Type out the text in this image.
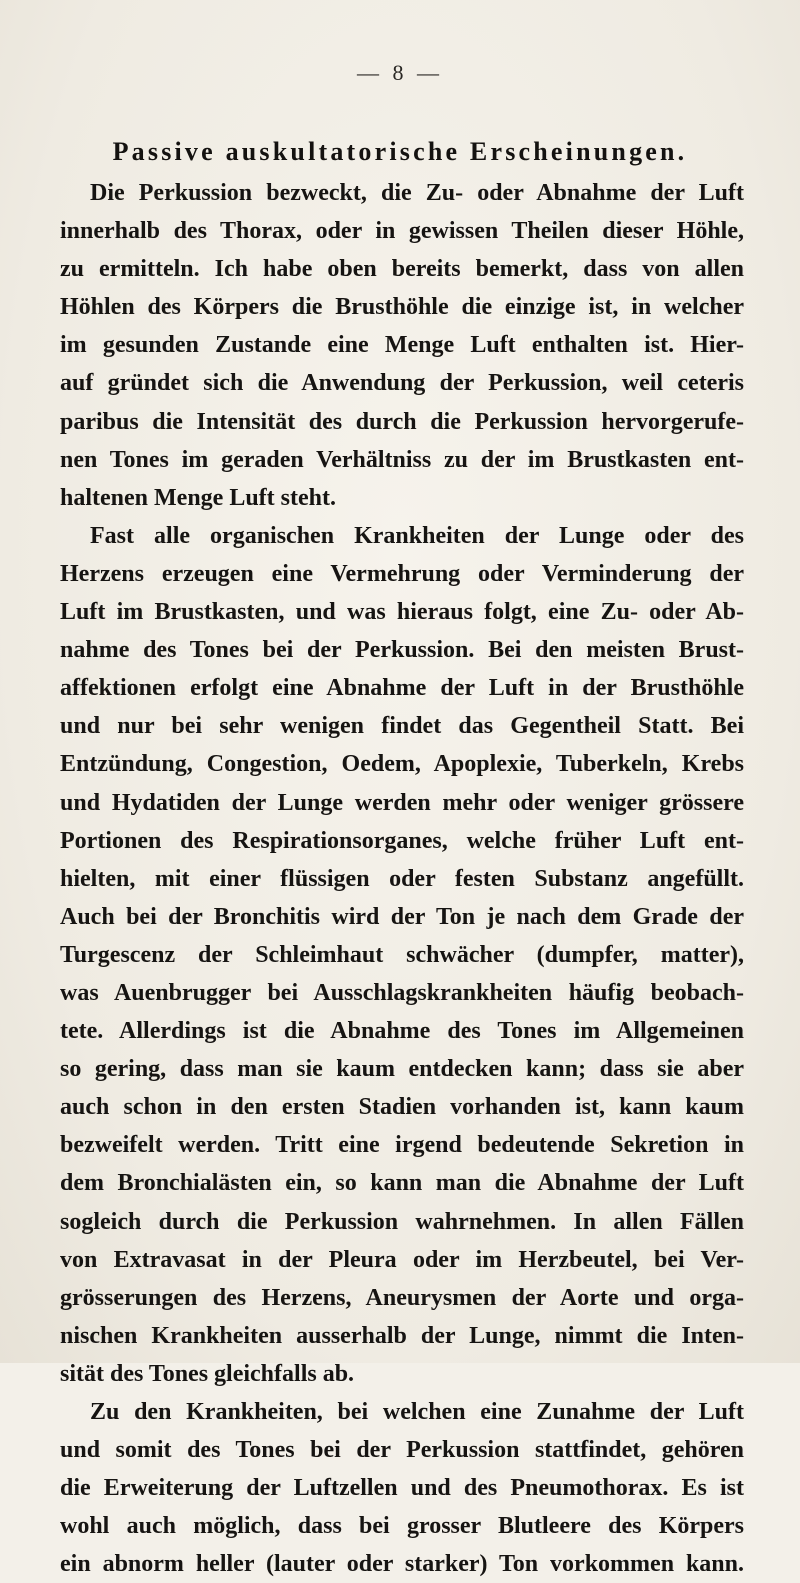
— 8 —
Passive auskultatorische Erscheinungen.
Die Perkussion bezweckt, die Zu- oder Abnahme der Luft
innerhalb des Thorax, oder in gewissen Theilen dieser Höhle,
zu ermitteln. Ich habe oben bereits bemerkt, dass von allen
Höhlen des Körpers die Brusthöhle die einzige ist, in welcher
im gesunden Zustande eine Menge Luft enthalten ist. Hier-
auf gründet sich die Anwendung der Perkussion, weil ceteris
paribus die Intensität des durch die Perkussion hervorgerufe-
nen Tones im geraden Verhältniss zu der im Brustkasten ent-
haltenen Menge Luft steht.
Fast alle organischen Krankheiten der Lunge oder des
Herzens erzeugen eine Vermehrung oder Verminderung der
Luft im Brustkasten, und was hieraus folgt, eine Zu- oder Ab-
nahme des Tones bei der Perkussion. Bei den meisten Brust-
affektionen erfolgt eine Abnahme der Luft in der Brusthöhle
und nur bei sehr wenigen findet das Gegentheil Statt. Bei
Entzündung, Congestion, Oedem, Apoplexie, Tuberkeln, Krebs
und Hydatiden der Lunge werden mehr oder weniger grössere
Portionen des Respirationsorganes, welche früher Luft ent-
hielten, mit einer flüssigen oder festen Substanz angefüllt.
Auch bei der Bronchitis wird der Ton je nach dem Grade der
Turgescenz der Schleimhaut schwächer (dumpfer, matter),
was Auenbrugger bei Ausschlagskrankheiten häufig beobach-
tete. Allerdings ist die Abnahme des Tones im Allgemeinen
so gering, dass man sie kaum entdecken kann; dass sie aber
auch schon in den ersten Stadien vorhanden ist, kann kaum
bezweifelt werden. Tritt eine irgend bedeutende Sekretion in
dem Bronchialästen ein, so kann man die Abnahme der Luft
sogleich durch die Perkussion wahrnehmen. In allen Fällen
von Extravasat in der Pleura oder im Herzbeutel, bei Ver-
grösserungen des Herzens, Aneurysmen der Aorte und orga-
nischen Krankheiten ausserhalb der Lunge, nimmt die Inten-
sität des Tones gleichfalls ab.
Zu den Krankheiten, bei welchen eine Zunahme der Luft
und somit des Tones bei der Perkussion stattfindet, gehören
die Erweiterung der Luftzellen und des Pneumothorax. Es ist
wohl auch möglich, dass bei grosser Blutleere des Körpers
ein abnorm heller (lauter oder starker) Ton vorkommen kann.
